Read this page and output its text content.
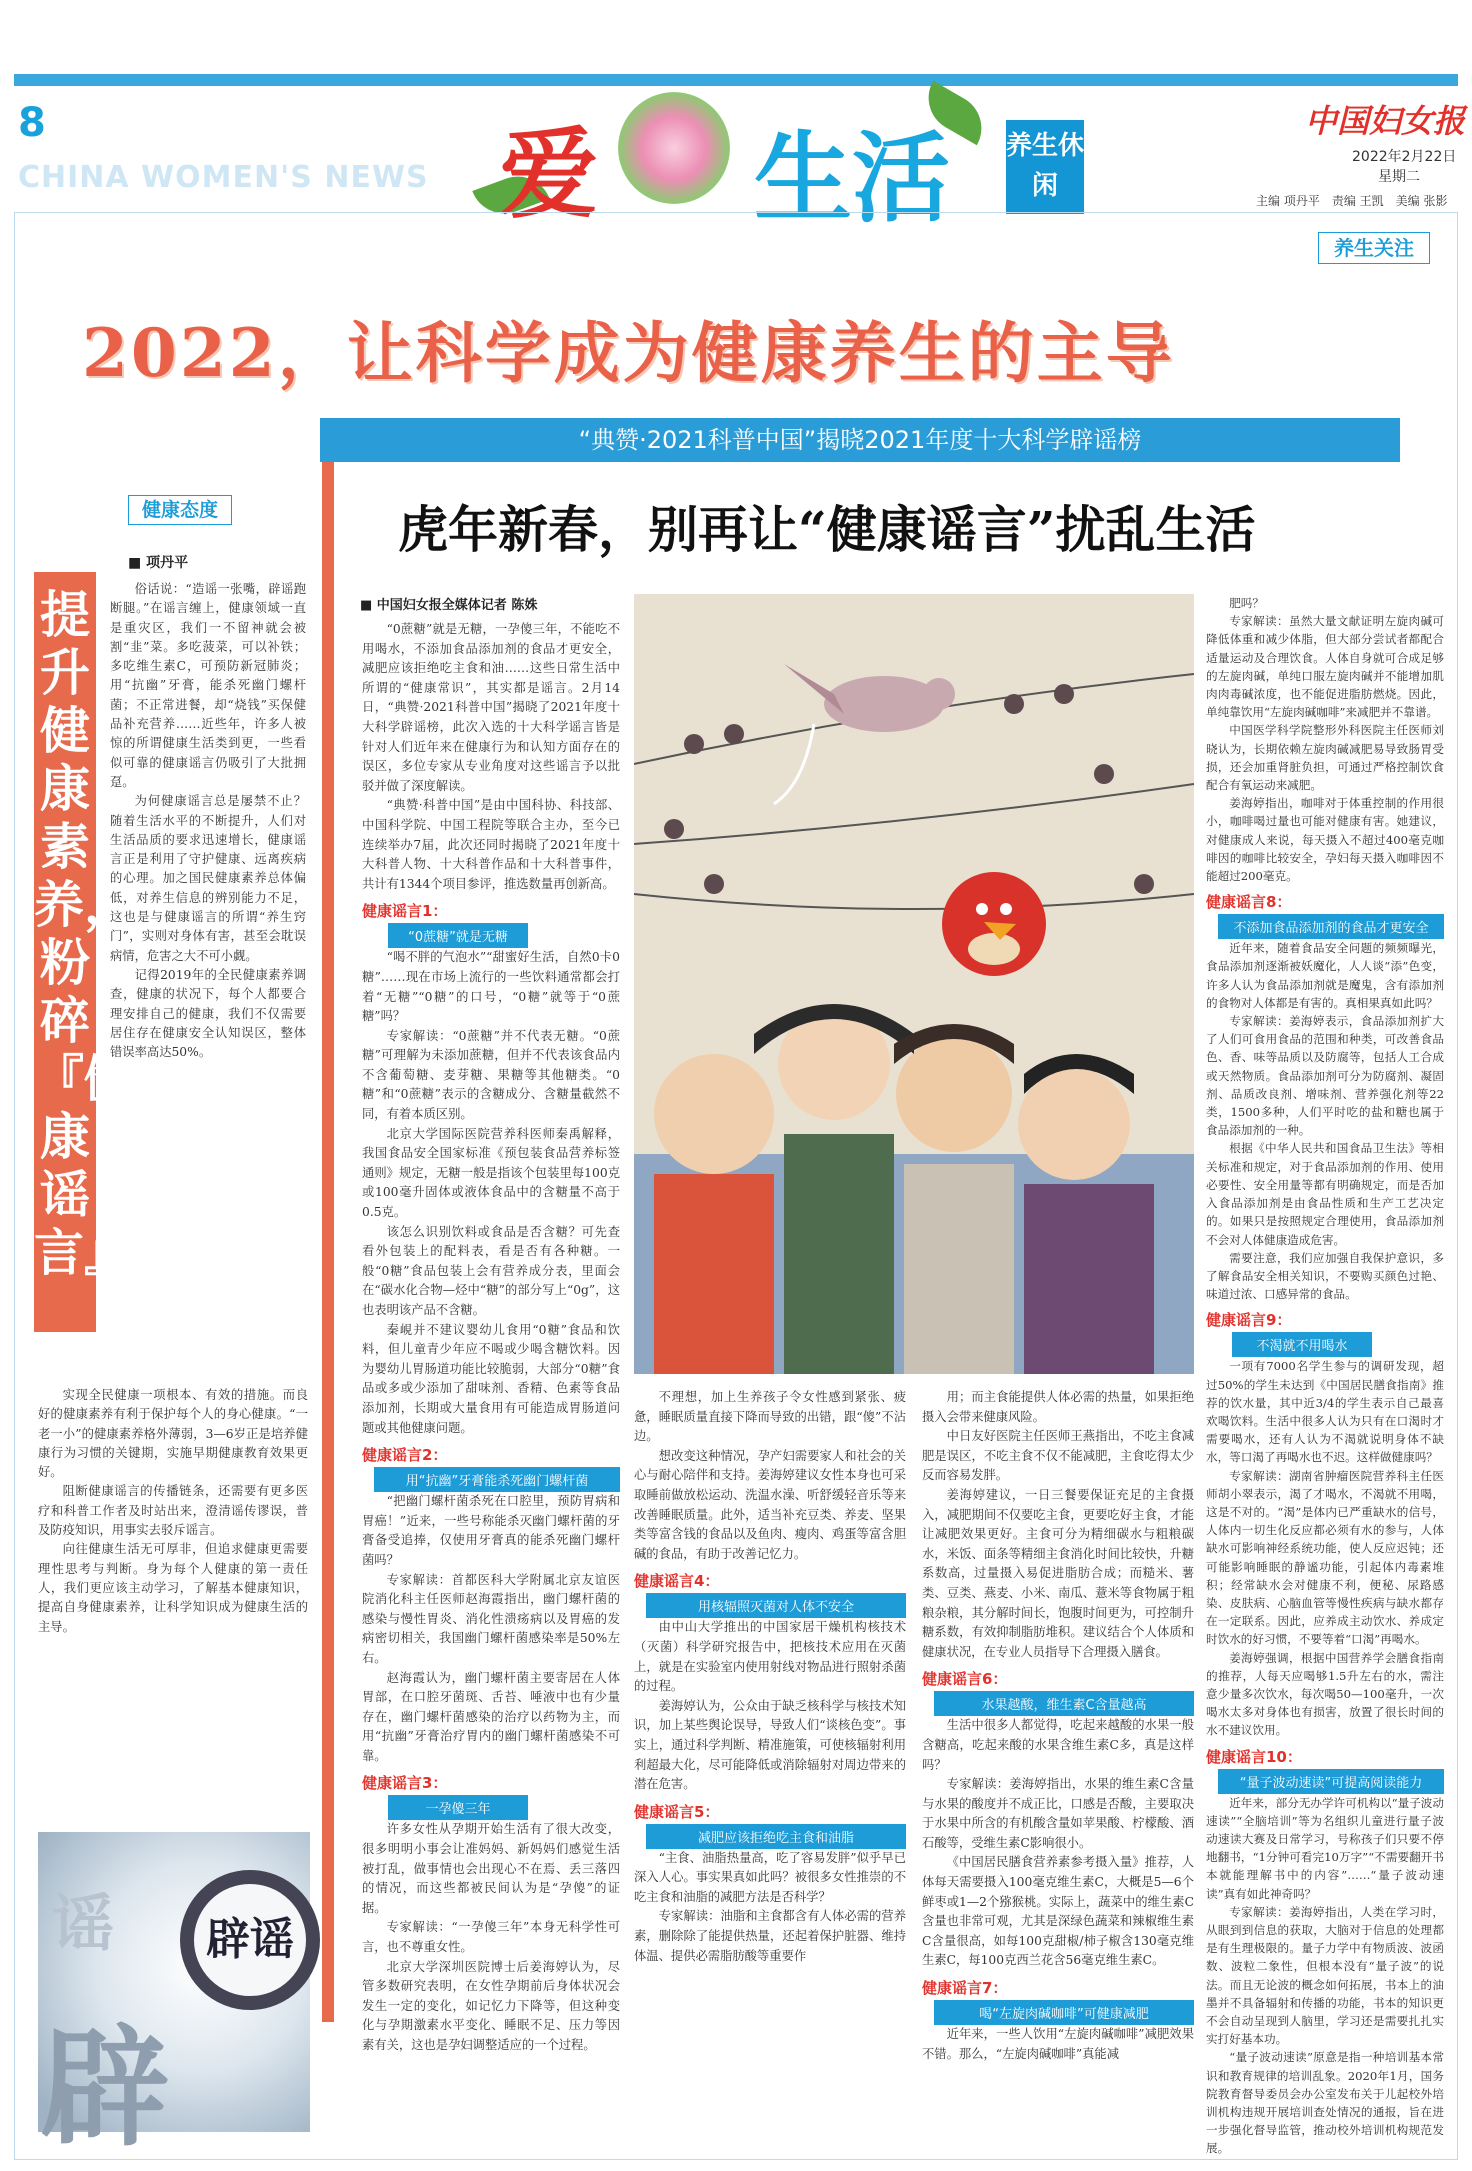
8
CHINA WOMEN'S NEWS 爱 生活 养生休闲
中国妇女报
2022年2月22日
星期二
主编 项丹平　责编 王凯　美编 张影
养生关注
2022，让科学成为健康养生的主导
“典赞·2021科普中国”揭晓2021年度十大科学辟谣榜
健康态度
■ 项丹平
提升健康素养，粉碎『健康谣言』

俗话说：“造谣一张嘴，辟谣跑断腿。”在谣言缠上，健康领域一直是重灾区，我们一不留神就会被割“韭”菜。多吃菠菜，可以补铁；多吃维生素C，可预防新冠肺炎；用“抗幽”牙膏，能杀死幽门螺杆菌；不正常进餐，却“烧钱”买保健品补充营养……近些年，许多人被惊的所谓健康生活类到更，一些看似可靠的健康谣言仍吸引了大批拥趸。

为何健康谣言总是屡禁不止？随着生活水平的不断提升，人们对生活品质的要求迅速增长，健康谣言正是利用了守护健康、远离疾病的心理。加之国民健康素养总体偏低，对养生信息的辨别能力不足，这也是与健康谣言的所谓“养生窍门”，实则对身体有害，甚至会耽误病情，危害之大不可小觑。

记得2019年的全民健康素养调查，健康的状况下，每个人都要合理安排自己的健康，我们不仅需要居住存在健康安全认知误区，整体错误率高达50%。

实现全民健康一项根本、有效的措施。而良好的健康素养有利于保护每个人的身心健康。“一老一小”的健康素养格外薄弱，3—6岁正是培养健康行为习惯的关键期，实施早期健康教育效果更好。

阻断健康谣言的传播链条，还需要有更多医疗和科普工作者及时站出来，澄清谣传谬误，普及防疫知识，用事实去驳斥谣言。

向往健康生活无可厚非，但追求健康更需要理性思考与判断。身为每个人健康的第一责任人，我们更应该主动学习，了解基本健康知识，提高自身健康素养，让科学知识成为健康生活的主导。

谣
辟
辟谣
虎年新春，别再让“健康谣言”扰乱生活
■ 中国妇女报全媒体记者 陈姝

“0蔗糖”就是无糖，一孕傻三年，不能吃不用喝水，不添加食品添加剂的食品才更安全，减肥应该拒绝吃主食和油……这些日常生活中所谓的“健康常识”，其实都是谣言。2月14日，“典赞·2021科普中国”揭晓了2021年度十大科学辟谣榜，此次入选的十大科学谣言皆是针对人们近年来在健康行为和认知方面存在的误区，多位专家从专业角度对这些谣言予以批驳并做了深度解读。

“典赞·科普中国”是由中国科协、科技部、中国科学院、中国工程院等联合主办，至今已连续举办7届，此次还同时揭晓了2021年度十大科普人物、十大科普作品和十大科普事件，共计有1344个项目参评，推选数量再创新高。

健康谣言1：
“0蔗糖”就是无糖

“喝不胖的气泡水”“甜蜜好生活，自然0卡0糖”……现在市场上流行的一些饮料通常都会打着“无糖”“0糖”的口号，“0糖”就等于“0蔗糖”吗？

专家解读：“0蔗糖”并不代表无糖。“0蔗糖”可理解为未添加蔗糖，但并不代表该食品内不含葡萄糖、麦芽糖、果糖等其他糖类。“0糖”和“0蔗糖”表示的含糖成分、含糖量截然不同，有着本质区别。

北京大学国际医院营养科医师秦禹解释，我国食品安全国家标准《预包装食品营养标签通则》规定，无糖一般是指该个包装里每100克或100毫升固体或液体食品中的含糖量不高于0.5克。

该怎么识别饮料或食品是否含糖？可先查看外包装上的配料表，看是否有各种糖。一般“0糖”食品包装上会有营养成分表，里面会在“碳水化合物—烃中“糖”的部分写上“0g”，这也表明该产品不含糖。

秦峴并不建议婴幼儿食用“0糖”食品和饮料，但儿童青少年应不喝或少喝含糖饮料。因为婴幼儿胃肠道功能比较脆弱，大部分“0糖”食品或多或少添加了甜味剂、香精、色素等食品添加剂，长期或大量食用有可能造成胃肠道问题或其他健康问题。

健康谣言2：
用“抗幽”牙膏能杀死幽门螺杆菌

“把幽门螺杆菌杀死在口腔里，预防胃病和胃癌！”近来，一些号称能杀灭幽门螺杆菌的牙膏备受追捧，仅使用牙膏真的能杀死幽门螺杆菌吗？

专家解读：首都医科大学附属北京友谊医院消化科主任医师赵海霞指出，幽门螺杆菌的感染与慢性胃炎、消化性溃疡病以及胃癌的发病密切相关，我国幽门螺杆菌感染率是50%左右。

赵海霞认为，幽门螺杆菌主要寄居在人体胃部，在口腔牙菌斑、舌苔、唾液中也有少量存在，幽门螺杆菌感染的治疗以药物为主，而用“抗幽”牙膏治疗胃内的幽门螺杆菌感染不可靠。

健康谣言3：
一孕傻三年

许多女性从孕期开始生活有了很大改变，很多明明小事会让准妈妈、新妈妈们感觉生活被打乱，做事情也会出现心不在焉、丢三落四的情况，而这些都被民间认为是“孕傻”的证据。

专家解读：“一孕傻三年”本身无科学性可言，也不尊重女性。

北京大学深圳医院博士后姜海婷认为，尽管多数研究表明，在女性孕期前后身体状况会发生一定的变化，如记忆力下降等，但这种变化与孕期激素水平变化、睡眠不足、压力等因素有关，这也是孕妇调整适应的一个过程。

不理想，加上生养孩子令女性感到紧张、疲惫，睡眠质量直接下降而导致的出错，跟“傻”不沾边。

想改变这种情况，孕产妇需要家人和社会的关心与耐心陪伴和支持。姜海婷建议女性本身也可采取睡前做放松运动、洗温水澡、听舒缓轻音乐等来改善睡眠质量。此外，适当补充豆类、养麦、坚果类等富含钱的食品以及鱼肉、瘦肉、鸡蛋等富含胆碱的食品，有助于改善记忆力。

健康谣言4：
用核辐照灭菌对人体不安全

由中山大学推出的中国家居干燥机构核技术（灭菌）科学研究报告中，把核技术应用在灭菌上，就是在实验室内使用射线对物品进行照射杀菌的过程。

姜海婷认为，公众由于缺乏核科学与核技术知识，加上某些舆论误导，导致人们“谈核色变”。事实上，通过科学判断、精准施策，可使核辐射利用利超最大化，尽可能降低或消除辐射对周边带来的潜在危害。

健康谣言5：
减肥应该拒绝吃主食和油脂

“主食、油脂热量高，吃了容易发胖”似乎早已深入人心。事实果真如此吗？被很多女性推崇的不吃主食和油脂的减肥方法是否科学？

专家解读：油脂和主食都含有人体必需的营养素，删除除了能提供热量，还起着保护脏器、维持体温、提供必需脂肪酸等重要作

用；而主食能提供人体必需的热量，如果拒绝摄入会带来健康风险。

中日友好医院主任医师王燕指出，不吃主食减肥是误区，不吃主食不仅不能减肥，主食吃得太少反而容易发胖。

姜海婷建议，一日三餐要保证充足的主食摄入，减肥期间不仅要吃主食，更要吃好主食，才能让减肥效果更好。主食可分为精细碳水与粗粮碳水，米饭、面条等精细主食消化时间比较快，升糖系数高，过量摄入易促进脂肪合成；而糙米、薯类、豆类、燕麦、小米、南瓜、薏米等食物属于粗粮杂粮，其分解时间长，饱腹时间更为，可控制升糖系数，有效抑制脂肪堆积。建议结合个人体质和健康状况，在专业人员指导下合理摄入膳食。

健康谣言6：
水果越酸，维生素C含量越高

生活中很多人都觉得，吃起来越酸的水果一般含糖高，吃起来酸的水果含维生素C多，真是这样吗？

专家解读：姜海婷指出，水果的维生素C含量与水果的酸度并不成正比，口感是否酸，主要取决于水果中所含的有机酸含量如苹果酸、柠檬酸、酒石酸等，受维生素C影响很小。

《中国居民膳食营养素参考摄入量》推荐，人体每天需要摄入100毫克维生素C，大概是5—6个鲜枣或1—2个猕猴桃。实际上，蔬菜中的维生素C含量也非常可观，尤其是深绿色蔬菜和辣椒维生素C含量很高，如每100克甜椒/柿子椒含130毫克维生素C，每100克西兰花含56毫克维生素C。

健康谣言7：
喝“左旋肉碱咖啡”可健康减肥

近年来，一些人饮用“左旋肉碱咖啡”减肥效果不错。那么，“左旋肉碱咖啡”真能减

肥吗？

专家解读：虽然大量文献证明左旋肉碱可降低体重和减少体脂，但大部分尝试者都配合适量运动及合理饮食。人体自身就可合成足够的左旋肉碱，单纯口服左旋肉碱并不能增加肌肉肉毒碱浓度，也不能促进脂肪燃烧。因此，单纯靠饮用“左旋肉碱咖啡”来减肥并不靠谱。

中国医学科学院整形外科医院主任医师刘晓认为，长期依赖左旋肉碱减肥易导致肠胃受损，还会加重肾脏负担，可通过严格控制饮食配合有氧运动来减肥。

姜海婷指出，咖啡对于体重控制的作用很小，咖啡喝过量也可能对健康有害。她建议，对健康成人来说，每天摄入不超过400毫克咖啡因的咖啡比较安全，孕妇每天摄入咖啡因不能超过200毫克。

健康谣言8：
不添加食品添加剂的食品才更安全

近年来，随着食品安全问题的频频曝光，食品添加剂逐渐被妖魔化，人人谈“添”色变，许多人认为食品添加剂就是魔鬼，含有添加剂的食物对人体都是有害的。真相果真如此吗？

专家解读：姜海婷表示，食品添加剂扩大了人们可食用食品的范围和种类，可改善食品色、香、味等品质以及防腐等，包括人工合成或天然物质。食品添加剂可分为防腐剂、凝固剂、品质改良剂、增味剂、营养强化剂等22类，1500多种，人们平时吃的盐和糖也属于食品添加剂的一种。

根据《中华人民共和国食品卫生法》等相关标准和规定，对于食品添加剂的作用、使用必要性、安全用量等都有明确规定，而是否加入食品添加剂是由食品性质和生产工艺决定的。如果只是按照规定合理使用，食品添加剂不会对人体健康造成危害。

需要注意，我们应加强自我保护意识，多了解食品安全相关知识，不要购买颜色过艳、味道过浓、口感异常的食品。

健康谣言9：
不渴就不用喝水

一项有7000名学生参与的调研发现，超过50%的学生未达到《中国居民膳食指南》推荐的饮水量，其中近3/4的学生表示自己最喜欢喝饮料。生活中很多人认为只有在口渴时才需要喝水，还有人认为不渴就说明身体不缺水，等口渴了再喝水也不迟。这样做健康吗？

专家解读：湖南省肿瘤医院营养科主任医师胡小翠表示，渴了才喝水，不渴就不用喝，这是不对的。“渴”是体内已严重缺水的信号，人体内一切生化反应都必须有水的参与，人体缺水可影响神经系统功能，使人反应迟钝；还可能影响睡眠的静谧功能，引起体内毒素堆积；经常缺水会对健康不利，便秘、尿路感染、皮肤病、心脑血管等慢性疾病与缺水都存在一定联系。因此，应养成主动饮水、养成定时饮水的好习惯，不要等着“口渴”再喝水。

姜海婷强调，根据中国营养学会膳食指南的推荐，人每天应喝够1.5升左右的水，需注意少量多次饮水，每次喝50—100毫升，一次喝水太多对身体也有损害，放置了很长时间的水不建议饮用。

健康谣言10：
“量子波动速读”可提高阅读能力

近年来，部分无办学许可机构以“量子波动速读”“全脑培训”等为名组织儿童进行量子波动速读大赛及日常学习，号称孩子们只要不停地翻书，“1分钟可看完10万字”“不需要翻开书本就能理解书中的内容”……“量子波动速读”真有如此神奇吗？

专家解读：姜海婷指出，人类在学习时，从眼到到信息的获取，大脑对于信息的处理都是有生理极限的。量子力学中有物质波、波函数、波粒二象性，但根本没有“量子波”的说法。而且无论波的概念如何拓展，书本上的油墨并不具备辐射和传播的功能，书本的知识更不会自动呈现到人脑里，学习还是需要扎扎实实打好基本功。

“量子波动速读”原意是指一种培训基本常识和教育规律的培训乱象。2020年1月，国务院教育督导委员会办公室发布关于儿起校外培训机构违规开展培训查处情况的通报，旨在进一步强化督导监管，推动校外培训机构规范发展。
